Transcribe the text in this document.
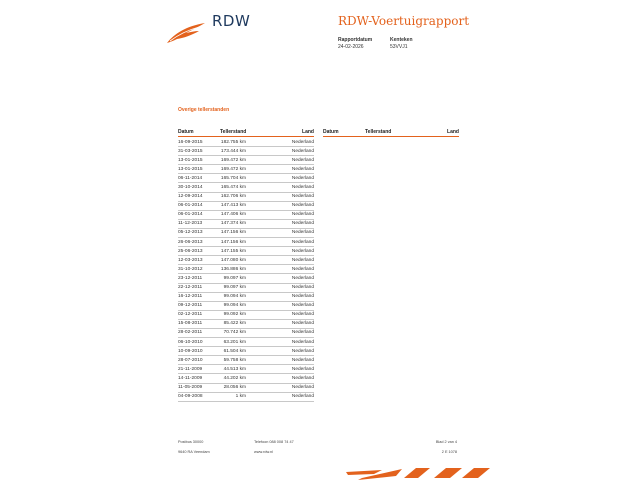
RDW	RDW-Voertuigrapport
Rapportdatum
24-02-2026
Kenteken
53VVJ1
Overige tellerstanden
Datum	Tellerstand	Land Datum	Tellerstand	Land
16-09-2015	182.755 km	Nederland
31-03-2015	173.444 km	Nederland
13-01-2015	169.472 km	Nederland
13-01-2015	169.472 km	Nederland
06-11-2014	165.704 km	Nederland
30-10-2014	165.474 km	Nederland
12-09-2014	162.706 km	Nederland
06-01-2014	147.413 km	Nederland
06-01-2014	147.406 km	Nederland
11-12-2013	147.374 km	Nederland
05-12-2013	147.156 km	Nederland
26-06-2013	147.156 km	Nederland
25-06-2013	147.155 km	Nederland
12-03-2013	147.080 km	Nederland
31-10-2012	136.886 km	Nederland
23-12-2011	99.097 km	Nederland
22-12-2011	99.097 km	Nederland
16-12-2011	99.094 km	Nederland
09-12-2011	99.094 km	Nederland
02-12-2011	99.092 km	Nederland
15-08-2011	85.422 km	Nederland
28-02-2011	70.742 km	Nederland
06-10-2010	63.201 km	Nederland
10-09-2010	61.504 km	Nederland
28-07-2010	59.758 km	Nederland
21-11-2009	44.513 km	Nederland
14-11-2009	44.202 km	Nederland
11-05-2009	28.056 km	Nederland
04-09-2008	1 km	Nederland
Postbus 30000
9640 RA Veendam
Telefoon 088 008 74 47
www.rdw.nl
Blad 2 van 4
2 E 1078
